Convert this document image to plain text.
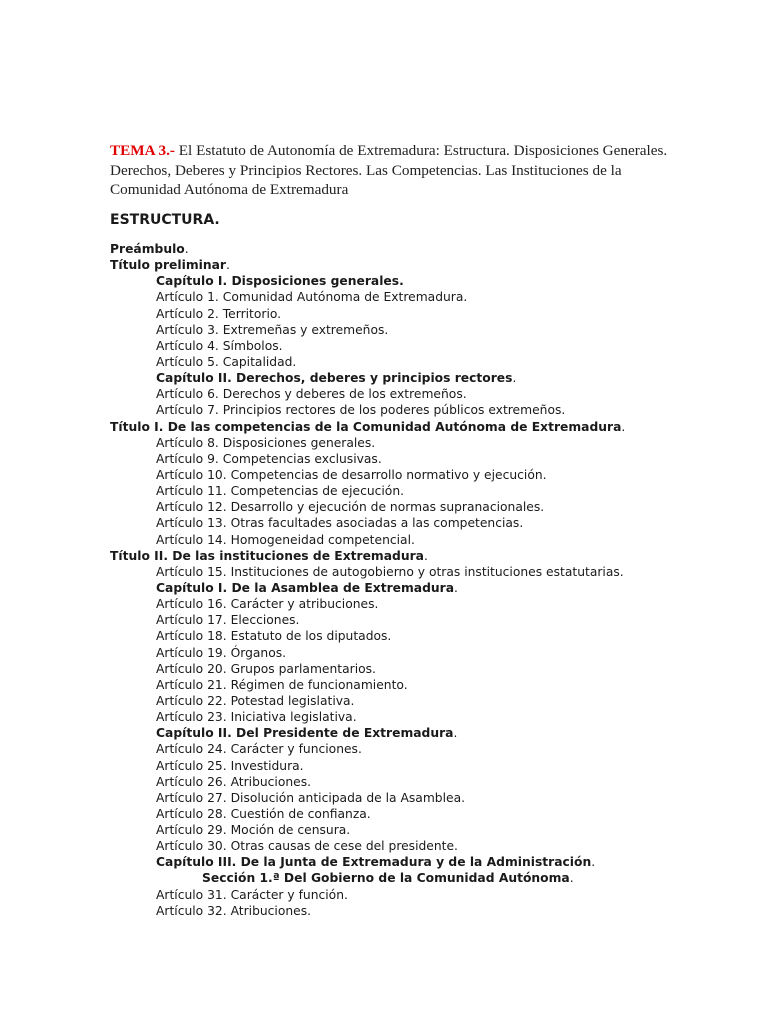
TEMA 3.- El Estatuto de Autonomía de Extremadura: Estructura. Disposiciones Generales. Derechos, Deberes y Principios Rectores. Las Competencias. Las Instituciones de la Comunidad Autónoma de Extremadura
ESTRUCTURA.
Preámbulo.
Título preliminar.
Capítulo I. Disposiciones generales.
Artículo 1. Comunidad Autónoma de Extremadura.
Artículo 2. Territorio.
Artículo 3. Extremeñas y extremeños.
Artículo 4. Símbolos.
Artículo 5. Capitalidad.
Capítulo II. Derechos, deberes y principios rectores.
Artículo 6. Derechos y deberes de los extremeños.
Artículo 7. Principios rectores de los poderes públicos extremeños.
Título I. De las competencias de la Comunidad Autónoma de Extremadura.
Artículo 8. Disposiciones generales.
Artículo 9. Competencias exclusivas.
Artículo 10. Competencias de desarrollo normativo y ejecución.
Artículo 11. Competencias de ejecución.
Artículo 12. Desarrollo y ejecución de normas supranacionales.
Artículo 13. Otras facultades asociadas a las competencias.
Artículo 14. Homogeneidad competencial.
Título II. De las instituciones de Extremadura.
Artículo 15. Instituciones de autogobierno y otras instituciones estatutarias.
Capítulo I. De la Asamblea de Extremadura.
Artículo 16. Carácter y atribuciones.
Artículo 17. Elecciones.
Artículo 18. Estatuto de los diputados.
Artículo 19. Órganos.
Artículo 20. Grupos parlamentarios.
Artículo 21. Régimen de funcionamiento.
Artículo 22. Potestad legislativa.
Artículo 23. Iniciativa legislativa.
Capítulo II. Del Presidente de Extremadura.
Artículo 24. Carácter y funciones.
Artículo 25. Investidura.
Artículo 26. Atribuciones.
Artículo 27. Disolución anticipada de la Asamblea.
Artículo 28. Cuestión de confianza.
Artículo 29. Moción de censura.
Artículo 30. Otras causas de cese del presidente.
Capítulo III. De la Junta de Extremadura y de la Administración.
Sección 1.ª Del Gobierno de la Comunidad Autónoma.
Artículo 31. Carácter y función.
Artículo 32. Atribuciones.
